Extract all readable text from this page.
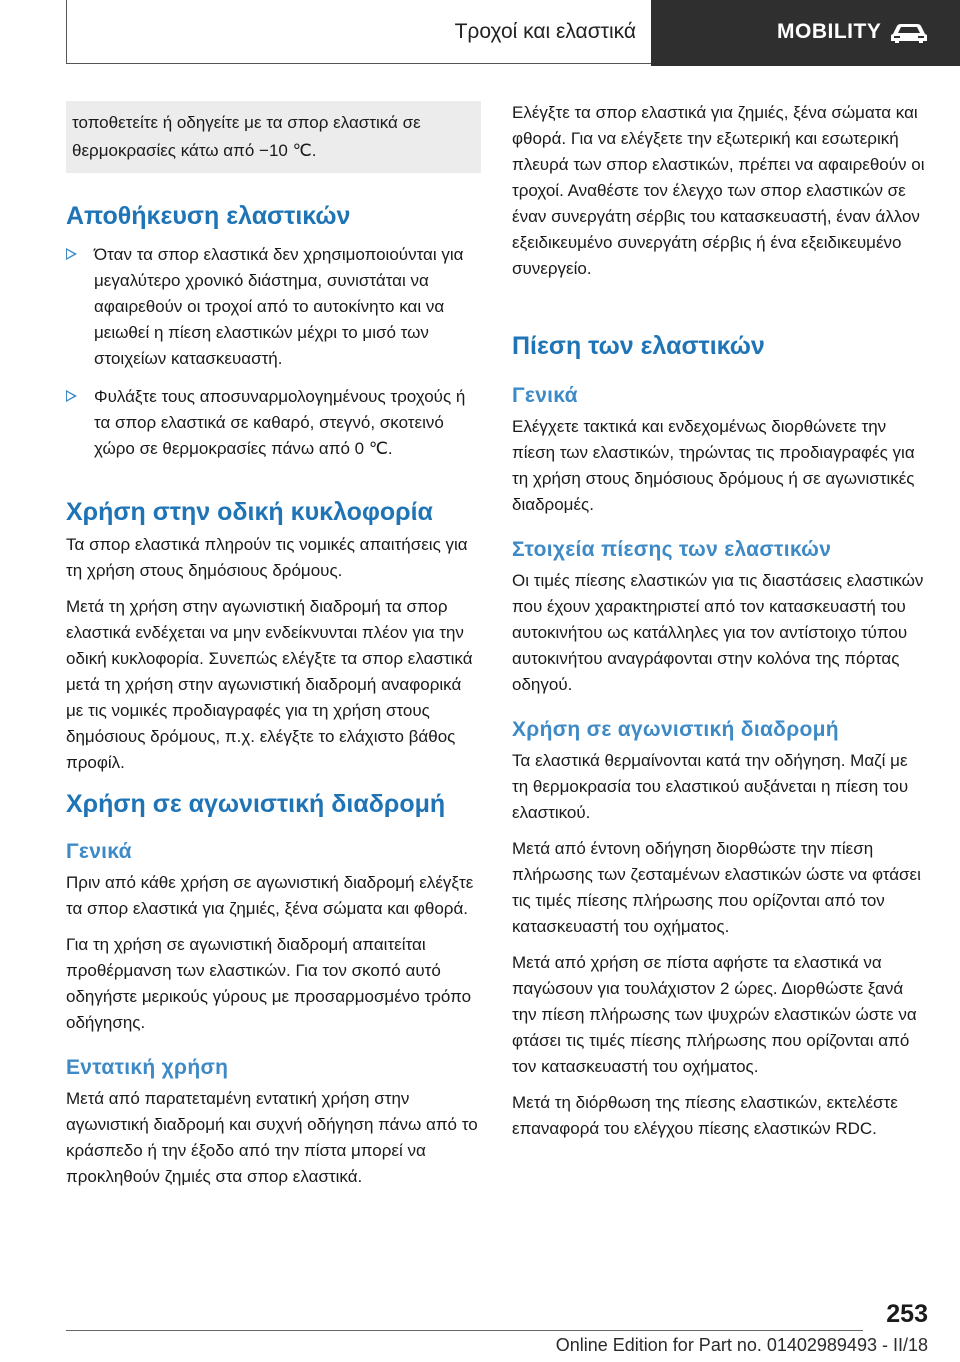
Τροχοί και ελαστικά	MOBILITY
τοποθετείτε ή οδηγείτε με τα σπορ ελαστικά σε θερμοκρασίες κάτω από −10 ℃.
Αποθήκευση ελαστικών

Όταν τα σπορ ελαστικά δεν χρησιμοποιούνται για μεγαλύτερο χρονικό διάστημα, συνιστάται να αφαιρεθούν οι τροχοί από το αυτοκίνητο και να μειωθεί η πίεση ελαστικών μέχρι το μισό των στοιχείων κατασκευαστή.

Φυλάξτε τους αποσυναρμολογημένους τροχούς ή τα σπορ ελαστικά σε καθαρό, στεγνό, σκοτεινό χώρο σε θερμοκρασίες πάνω από 0 ℃.

Χρήση στην οδική κυκλοφορία

Τα σπορ ελαστικά πληρούν τις νομικές απαιτήσεις για τη χρήση στους δημόσιους δρόμους.

Μετά τη χρήση στην αγωνιστική διαδρομή τα σπορ ελαστικά ενδέχεται να μην ενδείκνυνται πλέον για την οδική κυκλοφορία. Συνεπώς ελέγξτε τα σπορ ελαστικά μετά τη χρήση στην αγωνιστική διαδρομή αναφορικά με τις νομικές προδιαγραφές για τη χρήση στους δημόσιους δρόμους, π.χ. ελέγξτε το ελάχιστο βάθος προφίλ.

Χρήση σε αγωνιστική διαδρομή
Γενικά

Πριν από κάθε χρήση σε αγωνιστική διαδρομή ελέγξτε τα σπορ ελαστικά για ζημιές, ξένα σώματα και φθορά.

Για τη χρήση σε αγωνιστική διαδρομή απαιτείται προθέρμανση των ελαστικών. Για τον σκοπό αυτό οδηγήστε μερικούς γύρους με προσαρμοσμένο τρόπο οδήγησης.

Εντατική χρήση

Μετά από παρατεταμένη εντατική χρήση στην αγωνιστική διαδρομή και συχνή οδήγηση πάνω από το κράσπεδο ή την έξοδο από την πίστα μπορεί να προκληθούν ζημιές στα σπορ ελαστικά.

Ελέγξτε τα σπορ ελαστικά για ζημιές, ξένα σώματα και φθορά. Για να ελέγξετε την εξωτερική και εσωτερική πλευρά των σπορ ελαστικών, πρέπει να αφαιρεθούν οι τροχοί. Αναθέστε τον έλεγχο των σπορ ελαστικών σε έναν συνεργάτη σέρβις του κατασκευαστή, έναν άλλον εξειδικευμένο συνεργάτη σέρβις ή ένα εξειδικευμένο συνεργείο.

Πίεση των ελαστικών
Γενικά

Ελέγχετε τακτικά και ενδεχομένως διορθώνετε την πίεση των ελαστικών, τηρώντας τις προδιαγραφές για τη χρήση στους δημόσιους δρόμους ή σε αγωνιστικές διαδρομές.

Στοιχεία πίεσης των ελαστικών

Οι τιμές πίεσης ελαστικών για τις διαστάσεις ελαστικών που έχουν χαρακτηριστεί από τον κατασκευαστή του αυτοκινήτου ως κατάλληλες για τον αντίστοιχο τύπου αυτοκινήτου αναγράφονται στην κολόνα της πόρτας οδηγού.

Χρήση σε αγωνιστική διαδρομή

Τα ελαστικά θερμαίνονται κατά την οδήγηση. Μαζί με τη θερμοκρασία του ελαστικού αυξάνεται η πίεση του ελαστικού.

Μετά από έντονη οδήγηση διορθώστε την πίεση πλήρωσης των ζεσταμένων ελαστικών ώστε να φτάσει τις τιμές πίεσης πλήρωσης που ορίζονται από τον κατασκευαστή του οχήματος.

Μετά από χρήση σε πίστα αφήστε τα ελαστικά να παγώσουν για τουλάχιστον 2 ώρες. Διορθώστε ξανά την πίεση πλήρωσης των ψυχρών ελαστικών ώστε να φτάσει τις τιμές πίεσης πλήρωσης που ορίζονται από τον κατασκευαστή του οχήματος.

Μετά τη διόρθωση της πίεσης ελαστικών, εκτελέστε επαναφορά του ελέγχου πίεσης ελαστικών RDC.

253
Online Edition for Part no. 01402989493 - II/18
